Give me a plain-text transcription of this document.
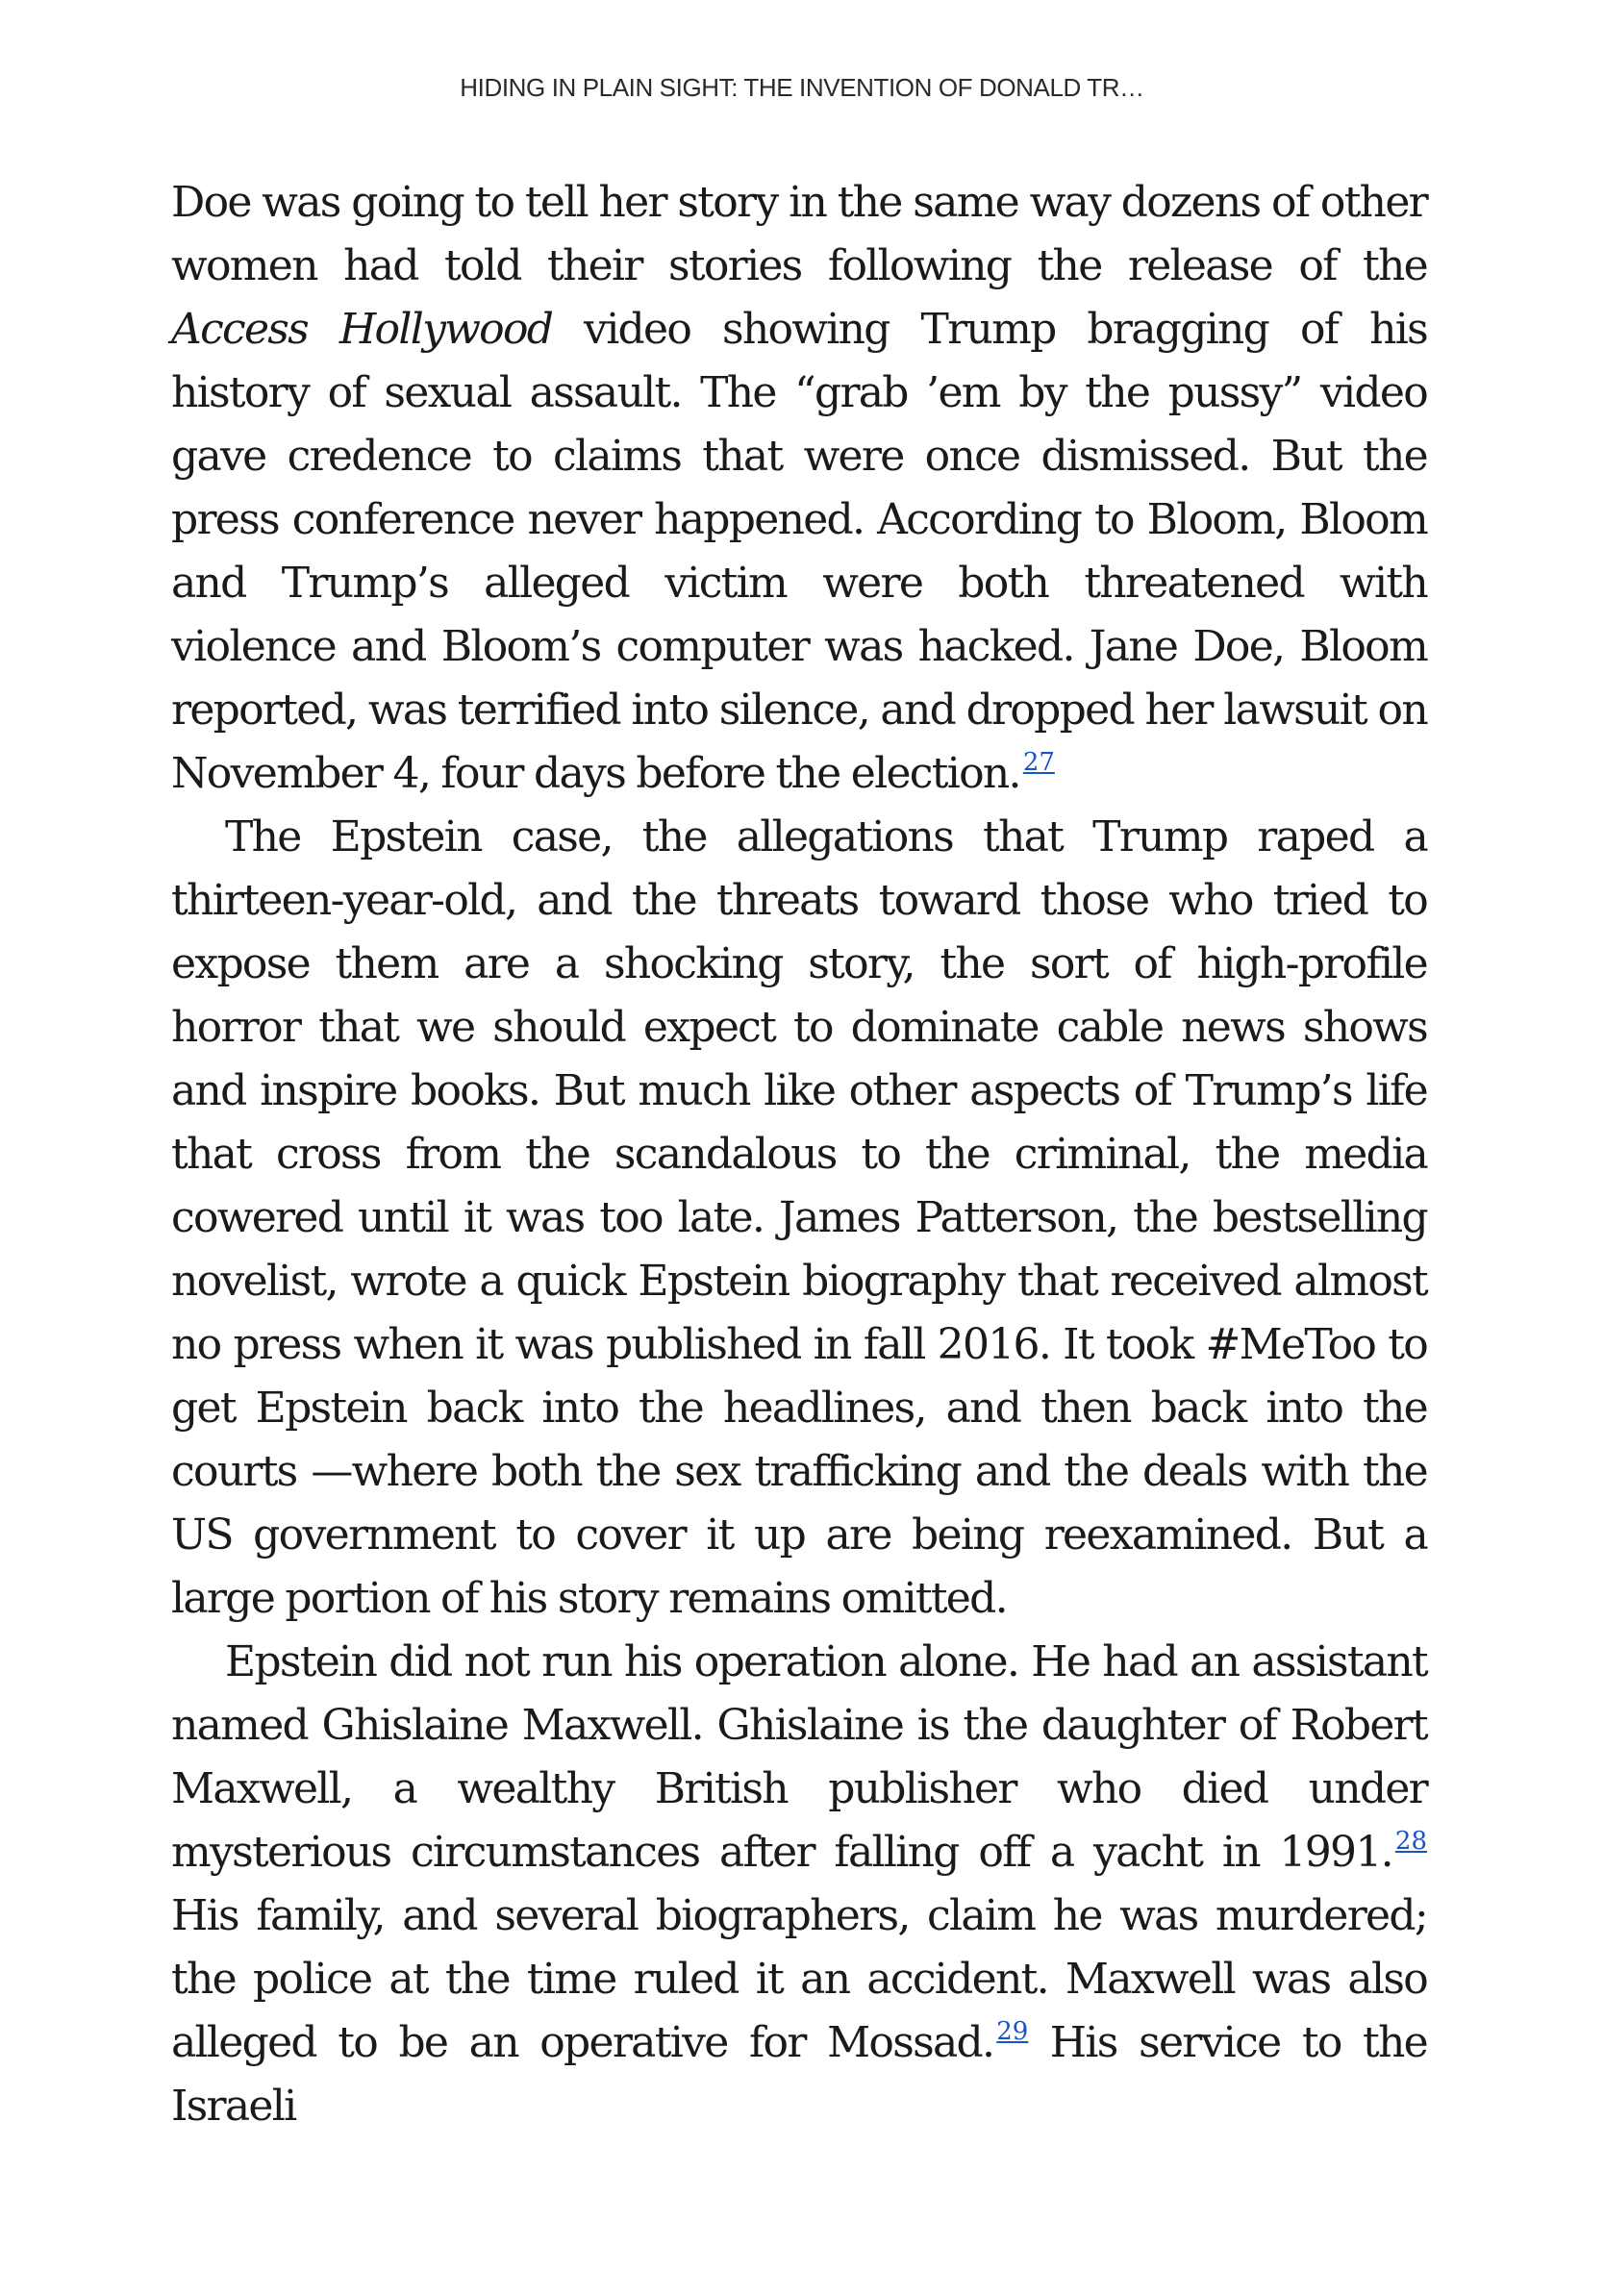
HIDING IN PLAIN SIGHT: THE INVENTION OF DONALD TR…

Doe was going to tell her story in the same way dozens of other women had told their stories following the release of the Access Hollywood video showing Trump bragging of his history of sexual assault. The “grab ’em by the pussy” video gave credence to claims that were once dismissed. But the press conference never happened. According to Bloom, Bloom and Trump’s alleged victim were both threatened with violence and Bloom’s computer was hacked. Jane Doe, Bloom reported, was terrified into silence, and dropped her lawsuit on November 4, four days before the election. $^{27}$

The Epstein case, the allegations that Trump raped a thirteen-year-old, and the threats toward those who tried to expose them are a shocking story, the sort of high-profile horror that we should expect to dominate cable news shows and inspire books. But much like other aspects of Trump’s life that cross from the scandalous to the criminal, the media cowered until it was too late. James Patterson, the bestselling novelist, wrote a quick Epstein biography that received almost no press when it was published in fall 2016. It took #MeToo to get Epstein back into the headlines, and then back into the courts —where both the sex trafficking and the deals with the US government to cover it up are being reexamined. But a large portion of his story remains omitted.

Epstein did not run his operation alone. He had an assistant named Ghislaine Maxwell. Ghislaine is the daughter of Robert Maxwell, a wealthy British publisher who died under mysterious circumstances after falling off a yacht in 1991. $^{28}$ His family, and several biographers, claim he was murdered; the police at the time ruled it an accident. Maxwell was also alleged to be an operative for Mossad. $^{29}$ His service to the Israeli
